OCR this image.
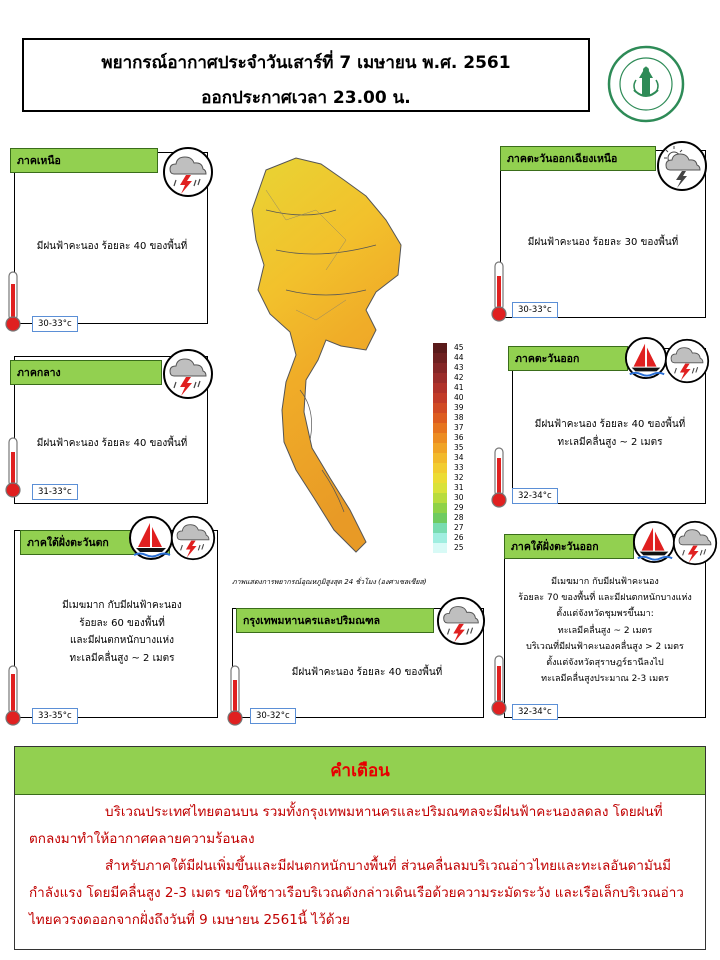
พยากรณ์อากาศประจำวันเสาร์ที่ 7 เมษายน พ.ศ. 2561
ออกประกาศเวลา 23.00 น.
45
44
43
42
41
40
39
38
37
36
35
34
33
32
31
30
29
28
27
26
25
ภาพแสดงการพยากรณ์อุณหภูมิสูงสุด 24 ชั่วโมง (องศาเซลเซียส)
ภาคเหนือ
มีฝนฟ้าคะนอง ร้อยละ 40 ของพื้นที่
30-33°c
ภาคกลาง
มีฝนฟ้าคะนอง ร้อยละ 40 ของพื้นที่
31-33°c
ภาคใต้ฝั่งตะวันตก
มีเมฆมาก กับมีฝนฟ้าคะนอง
ร้อยละ 60 ของพื้นที่
และมีฝนตกหนักบางแห่ง
ทะเลมีคลื่นสูง ~ 2 เมตร
33-35°c
กรุงเทพมหานครและปริมณฑล
มีฝนฟ้าคะนอง ร้อยละ 40 ของพื้นที่
30-32°c
ภาคตะวันออกเฉียงเหนือ
มีฝนฟ้าคะนอง ร้อยละ 30 ของพื้นที่
30-33°c
ภาคตะวันออก
มีฝนฟ้าคะนอง ร้อยละ 40 ของพื้นที่
ทะเลมีคลื่นสูง ~ 2 เมตร
32-34°c
ภาคใต้ฝั่งตะวันออก
มีเมฆมาก กับมีฝนฟ้าคะนอง
ร้อยละ 70 ของพื้นที่ และมีฝนตกหนักบางแห่ง
ตั้งแต่จังหวัดชุมพรขึ้นมา:
ทะเลมีคลื่นสูง ~ 2 เมตร
บริเวณที่มีฝนฟ้าคะนองคลื่นสูง > 2 เมตร
ตั้งแต่จังหวัดสุราษฎร์ธานีลงไป
ทะเลมีคลื่นสูงประมาณ 2-3 เมตร
32-34°c
คำเตือน

บริเวณประเทศไทยตอนบน รวมทั้งกรุงเทพมหานครและปริมณฑลจะมีฝนฟ้าคะนองลดลง โดยฝนที่ตกลงมาทำให้อากาศคลายความร้อนลง

สำหรับภาคใต้มีฝนเพิ่มขึ้นและมีฝนตกหนักบางพื้นที่ ส่วนคลื่นลมบริเวณอ่าวไทยและทะเลอันดามันมีกำลังแรง โดยมีคลื่นสูง 2-3 เมตร ขอให้ชาวเรือบริเวณดังกล่าวเดินเรือด้วยความระมัดระวัง และเรือเล็กบริเวณอ่าวไทยควรงดออกจากฝั่งถึงวันที่ 9 เมษายน 2561นี้ ไว้ด้วย
